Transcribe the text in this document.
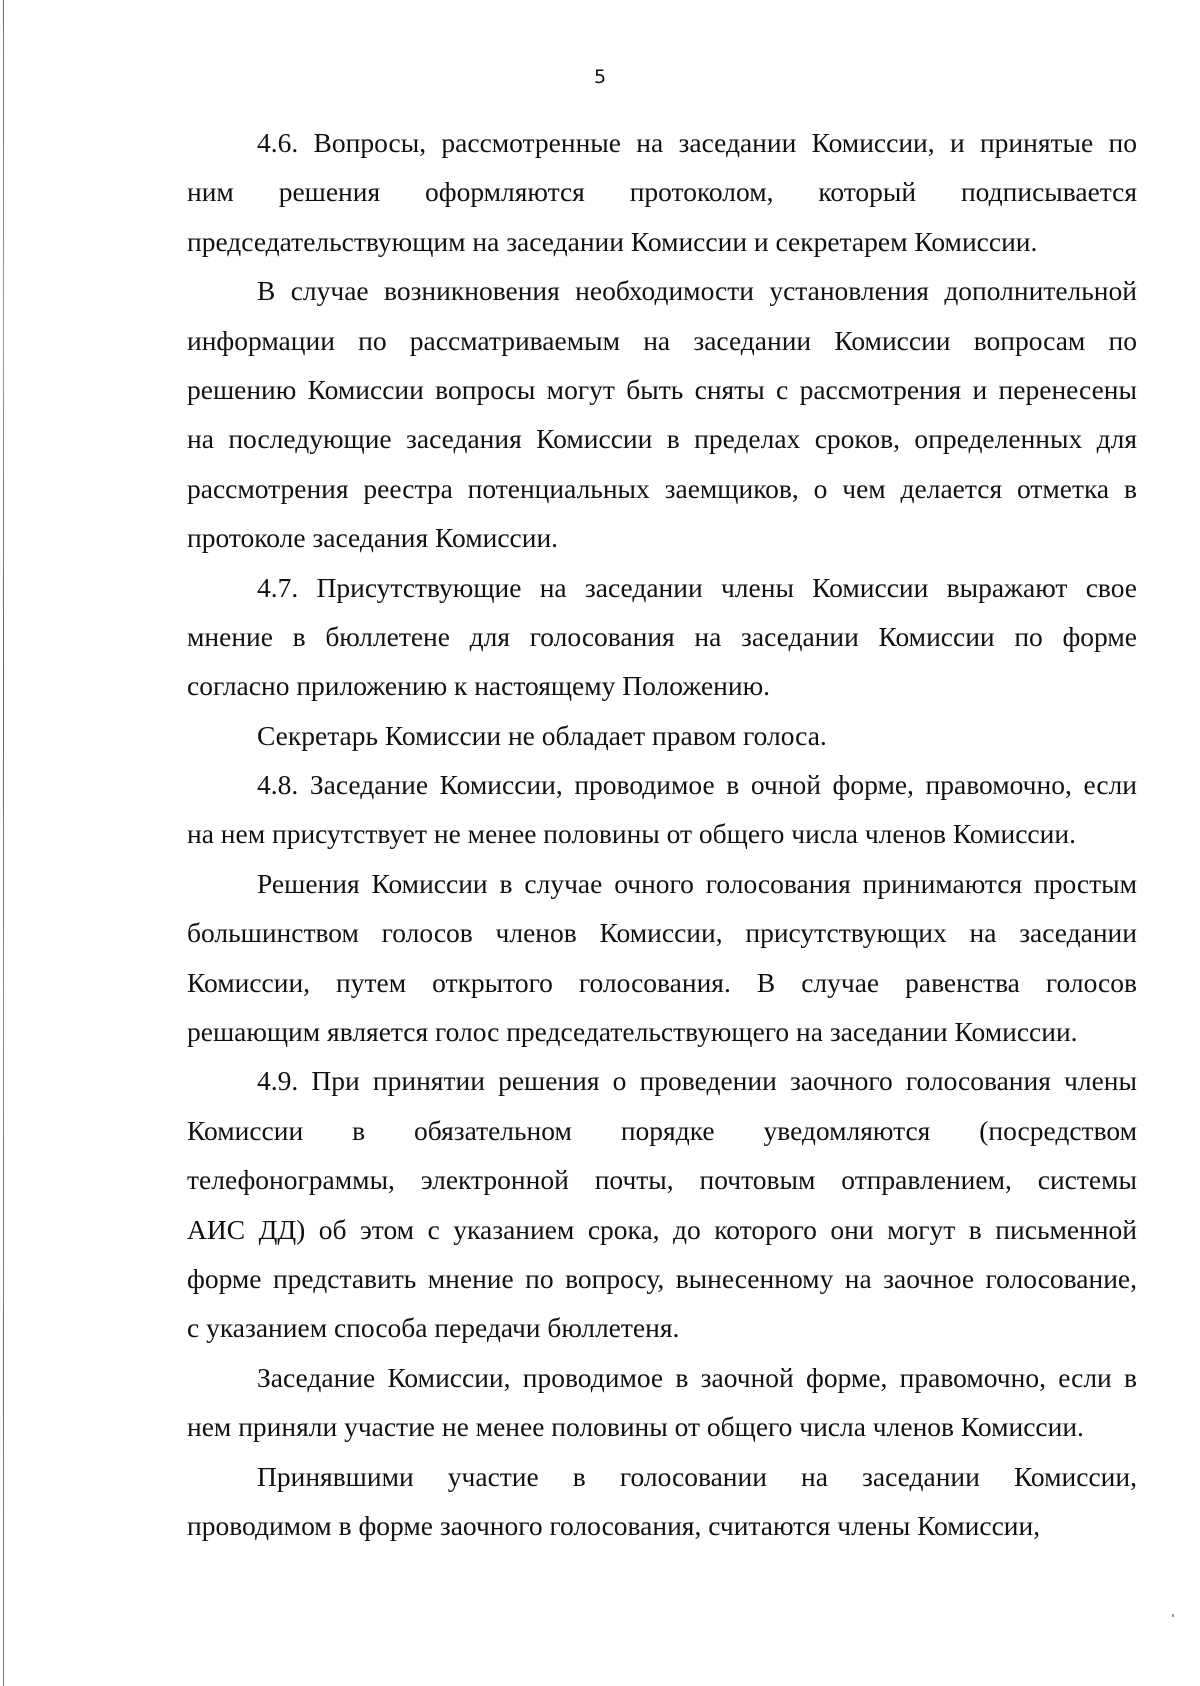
5
4.6. Вопросы, рассмотренные на заседании Комиссии, и принятые по
ним решения оформляются протоколом, который подписывается
председательствующим на заседании Комиссии и секретарем Комиссии.
В случае возникновения необходимости установления дополнительной
информации по рассматриваемым на заседании Комиссии вопросам по
решению Комиссии вопросы могут быть сняты с рассмотрения и перенесены
на последующие заседания Комиссии в пределах сроков, определенных для
рассмотрения реестра потенциальных заемщиков, о чем делается отметка в
протоколе заседания Комиссии.
4.7. Присутствующие на заседании члены Комиссии выражают свое
мнение в бюллетене для голосования на заседании Комиссии по форме
согласно приложению к настоящему Положению.
Секретарь Комиссии не обладает правом голоса.
4.8. Заседание Комиссии, проводимое в очной форме, правомочно, если
на нем присутствует не менее половины от общего числа членов Комиссии.
Решения Комиссии в случае очного голосования принимаются простым
большинством голосов членов Комиссии, присутствующих на заседании
Комиссии, путем открытого голосования. В случае равенства голосов
решающим является голос председательствующего на заседании Комиссии.
4.9. При принятии решения о проведении заочного голосования члены
Комиссии в обязательном порядке уведомляются (посредством
телефонограммы, электронной почты, почтовым отправлением, системы
АИС ДД) об этом с указанием срока, до которого они могут в письменной
форме представить мнение по вопросу, вынесенному на заочное голосование,
с указанием способа передачи бюллетеня.
Заседание Комиссии, проводимое в заочной форме, правомочно, если в
нем приняли участие не менее половины от общего числа членов Комиссии.
Принявшими участие в голосовании на заседании Комиссии,
проводимом в форме заочного голосования, считаются члены Комиссии,
